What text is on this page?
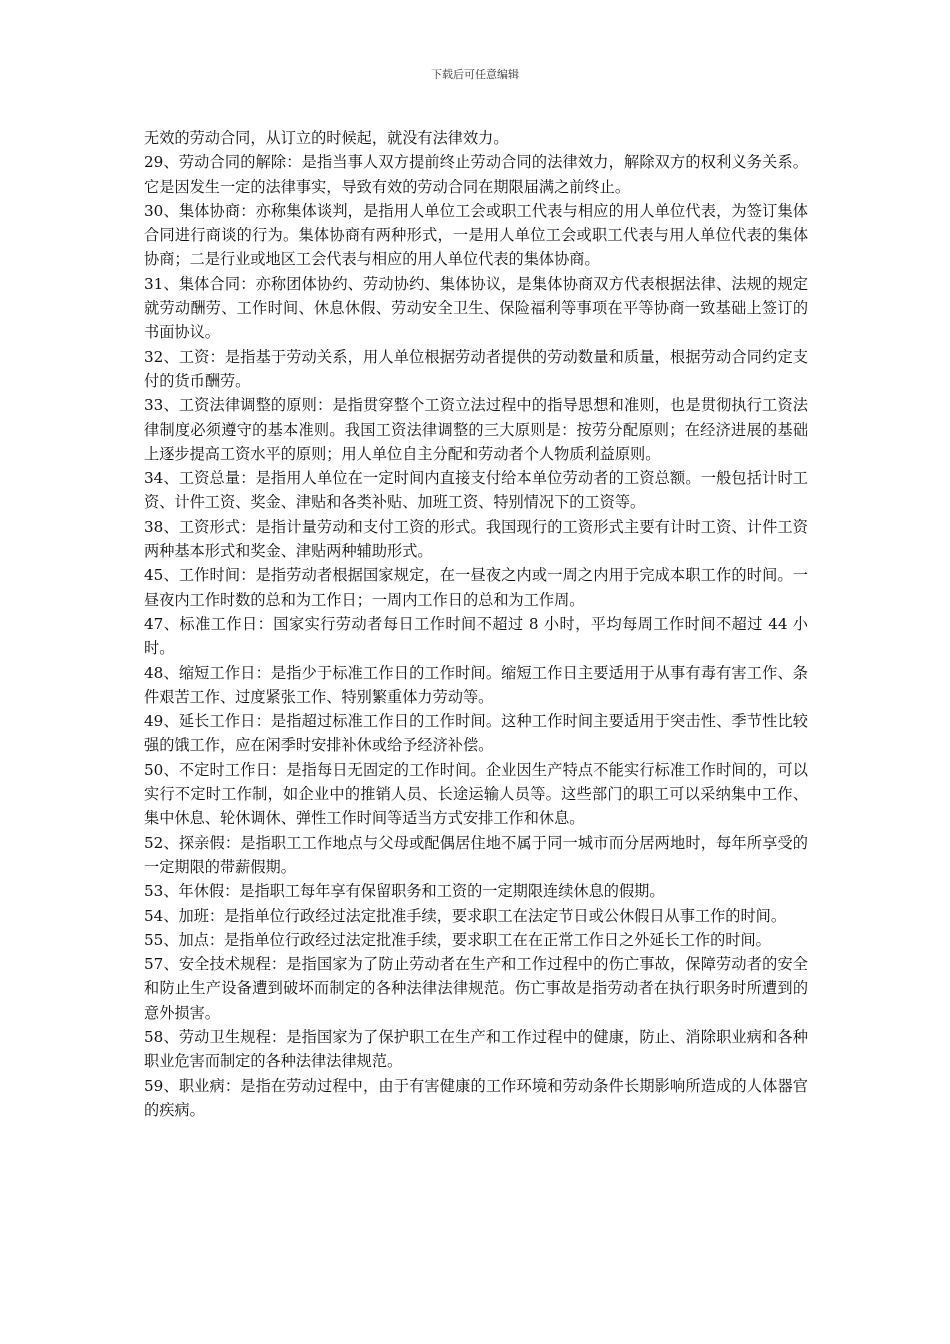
下载后可任意编辑

无效的劳动合同，从订立的时候起，就没有法律效力。

29、劳动合同的解除：是指当事人双方提前终止劳动合同的法律效力，解除双方的权利义务关系。它是因发生一定的法律事实，导致有效的劳动合同在期限届满之前终止。

30、集体协商：亦称集体谈判，是指用人单位工会或职工代表与相应的用人单位代表，为签订集体合同进行商谈的行为。集体协商有两种形式，一是用人单位工会或职工代表与用人单位代表的集体协商；二是行业或地区工会代表与相应的用人单位代表的集体协商。

31、集体合同：亦称团体协约、劳动协约、集体协议，是集体协商双方代表根据法律、法规的规定就劳动酬劳、工作时间、休息休假、劳动安全卫生、保险福利等事项在平等协商一致基础上签订的书面协议。

32、工资：是指基于劳动关系，用人单位根据劳动者提供的劳动数量和质量，根据劳动合同约定支付的货币酬劳。

33、工资法律调整的原则：是指贯穿整个工资立法过程中的指导思想和准则，也是贯彻执行工资法律制度必须遵守的基本准则。我国工资法律调整的三大原则是：按劳分配原则；在经济进展的基础上逐步提高工资水平的原则；用人单位自主分配和劳动者个人物质利益原则。

34、工资总量：是指用人单位在一定时间内直接支付给本单位劳动者的工资总额。一般包括计时工资、计件工资、奖金、津贴和各类补贴、加班工资、特别情况下的工资等。

38、工资形式：是指计量劳动和支付工资的形式。我国现行的工资形式主要有计时工资、计件工资两种基本形式和奖金、津贴两种辅助形式。

45、工作时间：是指劳动者根据国家规定，在一昼夜之内或一周之内用于完成本职工作的时间。一昼夜内工作时数的总和为工作日；一周内工作日的总和为工作周。

47、标准工作日：国家实行劳动者每日工作时间不超过 8 小时，平均每周工作时间不超过 44 小时。

48、缩短工作日：是指少于标准工作日的工作时间。缩短工作日主要适用于从事有毒有害工作、条件艰苦工作、过度紧张工作、特别繁重体力劳动等。

49、延长工作日：是指超过标准工作日的工作时间。这种工作时间主要适用于突击性、季节性比较强的饿工作，应在闲季时安排补休或给予经济补偿。

50、不定时工作日：是指每日无固定的工作时间。企业因生产特点不能实行标准工作时间的，可以实行不定时工作制，如企业中的推销人员、长途运输人员等。这些部门的职工可以采纳集中工作、集中休息、轮休调休、弹性工作时间等适当方式安排工作和休息。

52、探亲假：是指职工工作地点与父母或配偶居住地不属于同一城市而分居两地时，每年所享受的一定期限的带薪假期。

53、年休假：是指职工每年享有保留职务和工资的一定期限连续休息的假期。

54、加班：是指单位行政经过法定批准手续，要求职工在法定节日或公休假日从事工作的时间。

55、加点：是指单位行政经过法定批准手续，要求职工在在正常工作日之外延长工作的时间。

57、安全技术规程：是指国家为了防止劳动者在生产和工作过程中的伤亡事故，保障劳动者的安全和防止生产设备遭到破坏而制定的各种法律法律规范。伤亡事故是指劳动者在执行职务时所遭到的意外损害。

58、劳动卫生规程：是指国家为了保护职工在生产和工作过程中的健康，防止、消除职业病和各种职业危害而制定的各种法律法律规范。

59、职业病：是指在劳动过程中，由于有害健康的工作环境和劳动条件长期影响所造成的人体器官的疾病。
